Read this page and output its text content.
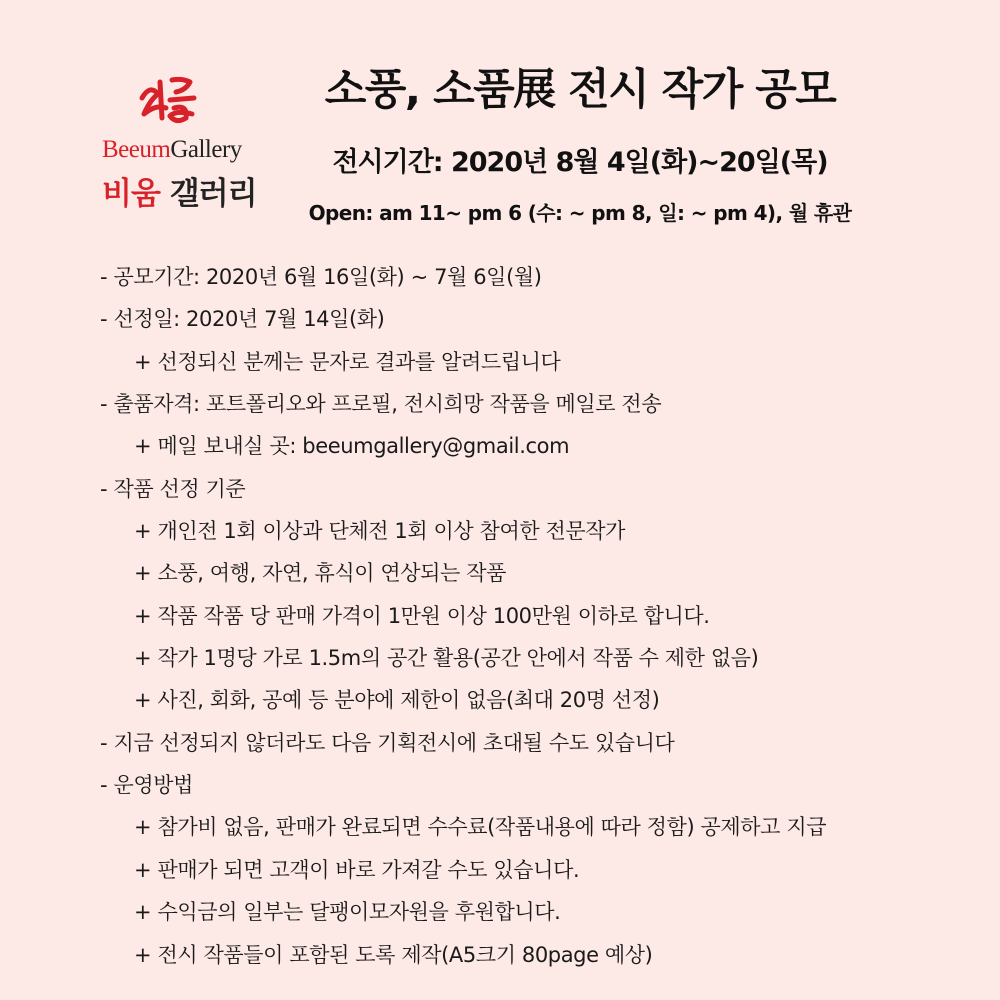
BeeumGallery
비움 갤러리
소풍, 소품展 전시 작가 공모
전시기간: 2020년 8월 4일(화)~20일(목)
Open: am 11~ pm 6 (수: ~ pm 8, 일: ~ pm 4), 월 휴관
- 공모기간: 2020년 6월 16일(화) ~ 7월 6일(월)
- 선정일: 2020년 7월 14일(화)
+ 선정되신 분께는 문자로 결과를 알려드립니다
- 출품자격: 포트폴리오와 프로필, 전시희망 작품을 메일로 전송
+ 메일 보내실 곳: beeumgallery@gmail.com
- 작품 선정 기준
+ 개인전 1회 이상과 단체전 1회 이상 참여한 전문작가
+ 소풍, 여행, 자연, 휴식이 연상되는 작품
+ 작품 작품 당 판매 가격이 1만원 이상 100만원 이하로 합니다.
+ 작가 1명당 가로 1.5m의 공간 활용(공간 안에서 작품 수 제한 없음)
+ 사진, 회화, 공예 등 분야에 제한이 없음(최대 20명 선정)
- 지금 선정되지 않더라도 다음 기획전시에 초대될 수도 있습니다
- 운영방법
+ 참가비 없음, 판매가 완료되면 수수료(작품내용에 따라 정함) 공제하고 지급
+ 판매가 되면 고객이 바로 가져갈 수도 있습니다.
+ 수익금의 일부는 달팽이모자원을 후원합니다.
+ 전시 작품들이 포함된 도록 제작(A5크기 80page 예상)
